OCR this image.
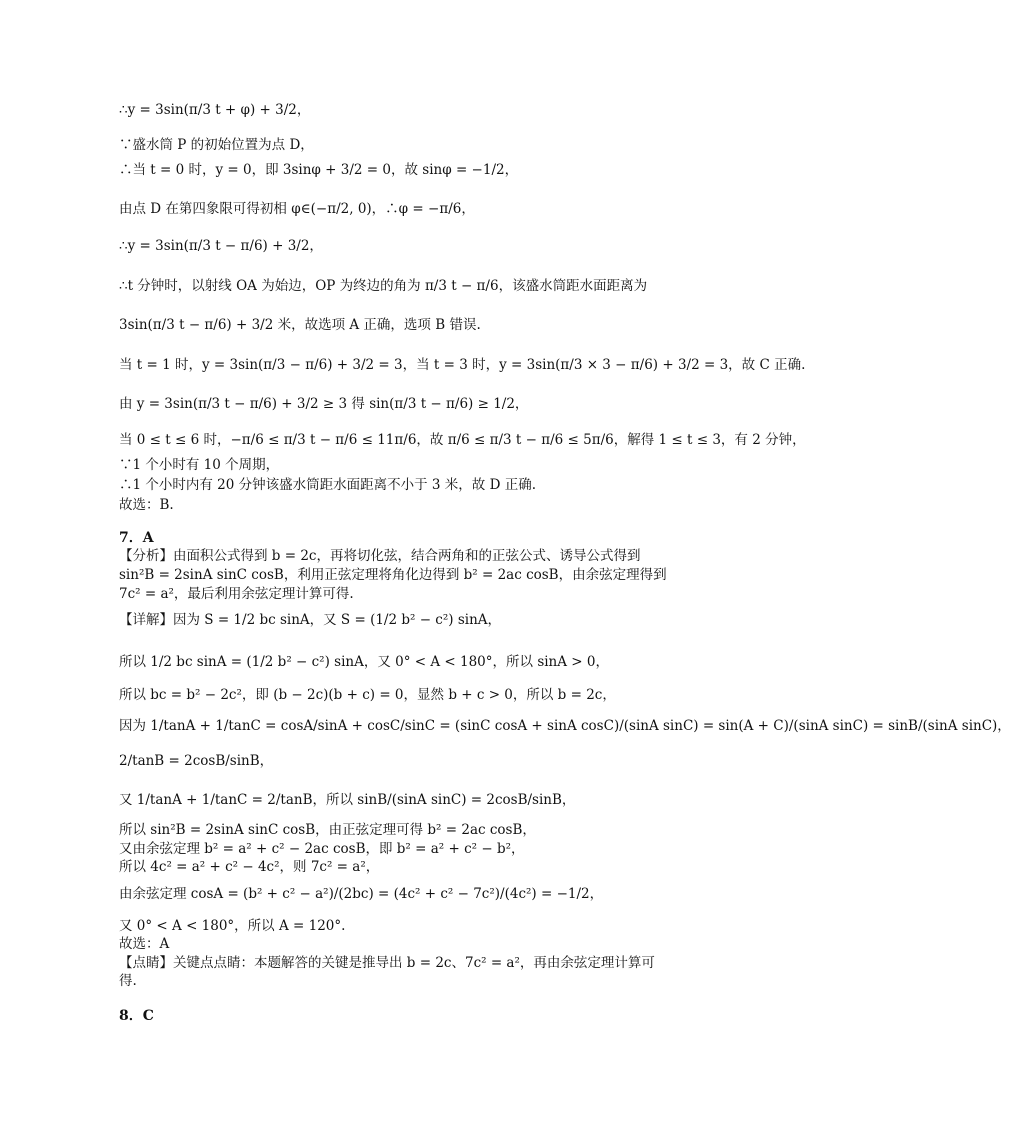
∴y = 3sin(π/3 t + φ) + 3/2，
∵盛水筒 P 的初始位置为点 D，
∴当 t = 0 时，y = 0，即 3sinφ + 3/2 = 0，故 sinφ = −1/2，
由点 D 在第四象限可得初相 φ∈(−π/2, 0)，∴φ = −π/6，
∴y = 3sin(π/3 t − π/6) + 3/2，
∴t 分钟时，以射线 OA 为始边，OP 为终边的角为 π/3 t − π/6，该盛水筒距水面距离为
3sin(π/3 t − π/6) + 3/2 米，故选项 A 正确，选项 B 错误.
当 t = 1 时，y = 3sin(π/3 − π/6) + 3/2 = 3，当 t = 3 时，y = 3sin(π/3 × 3 − π/6) + 3/2 = 3，故 C 正确.
由 y = 3sin(π/3 t − π/6) + 3/2 ≥ 3 得 sin(π/3 t − π/6) ≥ 1/2，
当 0 ≤ t ≤ 6 时，−π/6 ≤ π/3 t − π/6 ≤ 11π/6，故 π/6 ≤ π/3 t − π/6 ≤ 5π/6，解得 1 ≤ t ≤ 3，有 2 分钟，
∵1 个小时有 10 个周期，
∴1 个小时内有 20 分钟该盛水筒距水面距离不小于 3 米，故 D 正确.
故选：B.
7．A
【分析】由面积公式得到 b = 2c，再将切化弦，结合两角和的正弦公式、诱导公式得到
sin²B = 2sinA sinC cosB，利用正弦定理将角化边得到 b² = 2ac cosB，由余弦定理得到
7c² = a²，最后利用余弦定理计算可得.
【详解】因为 S = 1/2 bc sinA，又 S = (1/2 b² − c²) sinA，
所以 1/2 bc sinA = (1/2 b² − c²) sinA，又 0° < A < 180°，所以 sinA > 0，
所以 bc = b² − 2c²，即 (b − 2c)(b + c) = 0，显然 b + c > 0，所以 b = 2c，
因为 1/tanA + 1/tanC = cosA/sinA + cosC/sinC = (sinC cosA + sinA cosC)/(sinA sinC) = sin(A + C)/(sinA sinC) = sinB/(sinA sinC)，
2/tanB = 2cosB/sinB，
又 1/tanA + 1/tanC = 2/tanB，所以 sinB/(sinA sinC) = 2cosB/sinB，
所以 sin²B = 2sinA sinC cosB，由正弦定理可得 b² = 2ac cosB，
又由余弦定理 b² = a² + c² − 2ac cosB，即 b² = a² + c² − b²，
所以 4c² = a² + c² − 4c²，则 7c² = a²，
由余弦定理 cosA = (b² + c² − a²)/(2bc) = (4c² + c² − 7c²)/(4c²) = −1/2，
又 0° < A < 180°，所以 A = 120°.
故选：A
【点睛】关键点点睛：本题解答的关键是推导出 b = 2c、7c² = a²，再由余弦定理计算可
得.
8．C
